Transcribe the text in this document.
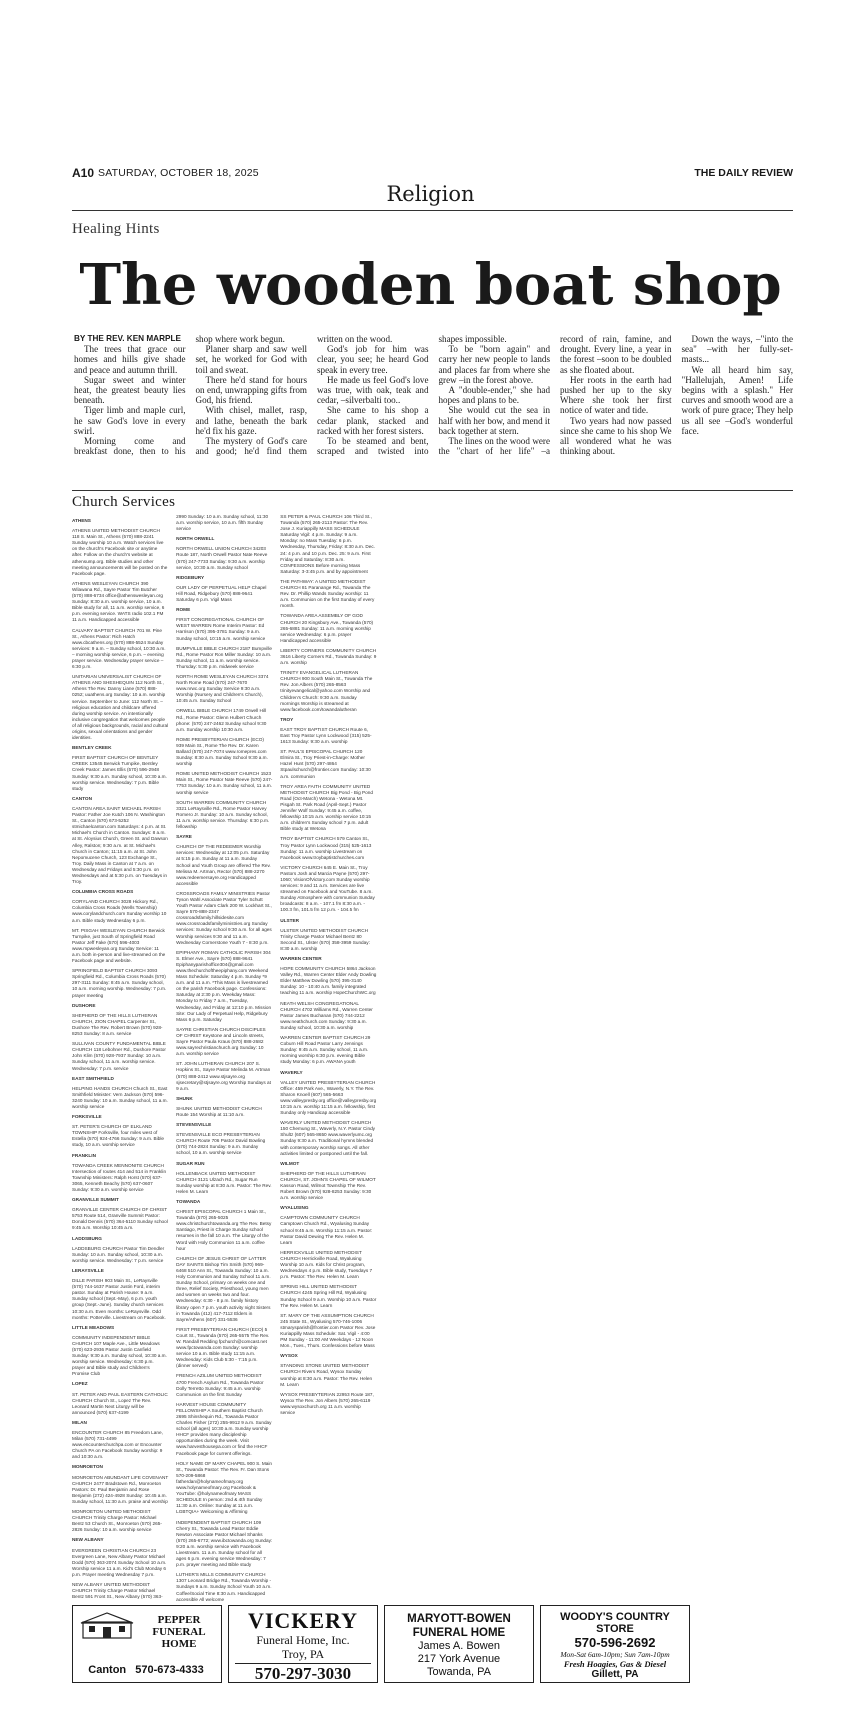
A10 SATURDAY, OCTOBER 18, 2025	THE DAILY REVIEW
Religion
Healing Hints
The wooden boat shop

BY THE REV. KEN MARPLE

The trees that grace our homes and hills give shade and peace and autumn thrill.

Sugar sweet and winter heat, the greatest beauty lies beneath.

Tiger limb and maple curl, he saw God's love in every swirl.

Morning come and breakfast done, then to his shop where work begun.

Planer sharp and saw well set, he worked for God with toil and sweat.

There he'd stand for hours on end, unwrapping gifts from God, his friend.

With chisel, mallet, rasp, and lathe, beneath the bark he'd fix his gaze.

The mystery of God's care and good; he'd find them written on the wood.

God's job for him was clear, you see; he heard God speak in every tree.

He made us feel God's love was true, with oak, teak and cedar, –silverbalti too..

She came to his shop a cedar plank, stacked and racked with her forest sisters.

To be steamed and bent, scraped and twisted into shapes impossible.

To be "born again" and carry her new people to lands and places far from where she grew –in the forest above.

A "double-ender," she had hopes and plans to be.

She would cut the sea in half with her bow, and mend it back together at stern.

The lines on the wood were the "chart of her life" –a record of rain, famine, and drought. Every line, a year in the forest –soon to be doubled as she floated about.

Her roots in the earth had pushed her up to the sky Where she took her first notice of water and tide.

Two years had now passed since she came to his shop We all wondered what he was thinking about.

Down the ways, –"into the sea" –with her fully-set-masts...

We all heard him say, "Hallelujah, Amen! Life begins with a splash." Her curves and smooth wood are a work of pure grace; They help us all see –God's wonderful face.

Church Services

ATHENS

ATHENS UNITED METHODIST CHURCH 118 S. Main St., Athens (570) 888-2241 Sunday worship 10 a.m. Watch services live on the church's Facebook site or anytime after. Follow on the church's website at athensump.org. Bible studies and other meeting announcements will be posted on the Facebook page.

ATHENS WESLEYAN CHURCH 390 Wilawana Rd., Sayre Pastor Tim Butcher (570) 888-6734 office@athenswesleyan.org Sunday: 8:30 a.m. worship service, 10 a.m. Bible study for all, 11 a.m. worship service, 6 p.m. evening service. WATS radio 102.1 FM 11 a.m. Handicapped accessible

CALVARY BAPTIST CHURCH 701 W. Pine St., Athens Pastor: Rich Hatch www.cbcathens.org (570) 888-5524 Sunday services: 9 a.m. – Sunday school, 10:30 a.m. – morning worship service, 6 p.m. – evening prayer service. Wednesday prayer service – 6:30 p.m.

UNITARIAN UNIVERSALIST CHURCH OF ATHENS AND SHESHEQUIN 112 North St., Athens The Rev. Danny Liane (570) 888-0252; uuathens.org Sunday: 10 a.m. worship service. September to June: 112 North St. – religious education and childcare offered during worship service. An intentionally inclusive congregation that welcomes people of all religious backgrounds, racial and cultural origins, sexual orientations and gender identities.

BENTLEY CREEK

FIRST BAPTIST CHURCH OF BENTLEY CREEK 13545 Berwick Turnpike, Bentley Creek Pastor: James Ellis (570) 596-2948 Sunday: 9:30 a.m. Sunday school, 10:30 a.m. worship service. Wednesday: 7 p.m. Bible study

CANTON

CANTON AREA SAINT MICHAEL PARISH Pastor: Father Joe Kutch 106 N. Washington St., Canton (570) 673-5252 stmichaelcanton.com Saturdays: 4 p.m. at St. Michael's Church in Canton. Sundays: 8 a.m. at St. Aloysius Church, Green St. and Dawson Alley, Ralston; 9:30 a.m. at St. Michael's Church in Canton; 11:15 a.m. at St. John Nepomucene Church, 123 Exchange St., Troy. Daily Mass in Canton at 7 a.m. on Wednesday and Fridays and 5:30 p.m. on Wednesdays and at 5:30 p.m. on Tuesdays in Troy.

COLUMBIA CROSS ROADS

CORYLAND CHURCH 3028 Hickory Rd., Columbia Cross Roads (Wells Township) www.corylandchurch.com Sunday worship 10 a.m. Bible study Wednesday 6 p.m.

MT. PISGAH WESLEYAN CHURCH Berwick Turnpike, just South of Springfield Road Pastor Jeff Fake (570) 596-4003 www.mpwesleyan.org Sunday Service: 11 a.m. both in-person and live-streamed on the Facebook page and website.

SPRINGFIELD BAPTIST CHURCH 3093 Springfield Rd., Columbia Cross Roads (570) 297-3111 Sunday: 8:45 a.m. Sunday school, 10 a.m. morning worship. Wednesday: 7 p.m. prayer meeting

DUSHORE

SHEPHERD OF THE HILLS LUTHERAN CHURCH, ZION CHAPEL Carpenter St., Dushore The Rev. Robert Brown (570) 928-8253 Sunday: 8 a.m. service

SULLIVAN COUNTY FUNDAMENTAL BIBLE CHURCH 118 Lebohner Rd., Dushore Pastor John Klim (570) 928-7937 Sunday: 10 a.m. Sunday school, 11 a.m. worship service. Wednesday: 7 p.m. service

EAST SMITHFIELD

HELPING HANDS CHURCH Church St., East Smithfield Minister: Vern Jackson (570) 596-3240 Sunday: 10 a.m. Sunday school, 11 a.m. worship service

FORKSVILLE

ST. PETER'S CHURCH OF ELKLAND TOWNSHIP Forksville, four miles west of Estella (570) 924-4766 Sunday: 9 a.m. Bible study, 10 a.m. worship service

FRANKLIN

TOWANDA CREEK MENNONITE CHURCH Intersection of routes 414 and 514 in Franklin Township Ministers: Ralph Horst (570) 637-3065, Kenneth Beachy (570) 637-0607 Sunday: 9:30 a.m. worship service

GRANVILLE SUMMIT

GRANVILLE CENTER CHURCH OF CHRIST 5753 Route 514, Granville Summit Pastor: Donald Dennis (570) 364-5110 Sunday school 9:45 a.m. Worship 10:45 a.m.

LADDSBURG

LADDSBURG CHURCH Pastor Tim Dendler Sunday: 10 a.m. Sunday school, 10:30 a.m. worship service. Wednesday: 7 p.m. service

LERAYSVILLE

DILLE PARISH 903 Main St., LeRaysville (570) 744-1637 Pastor Justin Ford, interim pastor. Sunday at Parish House: 9 a.m. Sunday school (Sept.-May), 6 p.m. youth group (Sept.-June). Sunday church services 10:30 a.m. Even months: LeRaysville. Odd months: Potterville. Livestream on Facebook.

LITTLE MEADOWS

COMMUNITY INDEPENDENT BIBLE CHURCH 107 Maple Ave., Little Meadows (570) 623-2936 Pastor Justin Canfield Sunday: 9:30 a.m. Sunday school, 10:30 a.m. worship service. Wednesday: 6:30 p.m. prayer and Bible study and Children's Promise Club

LOPEZ

ST. PETER AND PAUL EASTERN CATHOLIC CHURCH Church St., Lopez The Rev. Leonard Martin Next Liturgy will be announced (570) 637-4199

MILAN

ENCOUNTER CHURCH 85 Freedom Lane, Milan (570) 731-4499 www.encounterchurchpa.com or Encounter Church PA on Facebook Sunday worship: 9 and 10:30 a.m.

MONROETON

MONROETON ABUNDANT LIFE COVENANT CHURCH 2477 Bradstown Rd., Monroeton Pastors: Dr. Paul Benjamin and Rose Benjamin (272) 424-4928 Sunday: 10:45 a.m. Sunday school, 11:30 a.m. praise and worship

MONROETON UNITED METHODIST CHURCH Trinity Charge Pastor: Michael Bentz 53 Church St., Monroeton (570) 265-2826 Sunday: 10 a.m. worship service

NEW ALBANY

EVERGREEN CHRISTIAN CHURCH 23 Evergreen Lane, New Albany Pastor Michael Dodd (570) 363-2074 Sunday School 10 a.m. Worship service 11 a.m. Kid's Club Monday 6 p.m. Prayer meeting Wednesday 7 p.m.

NEW ALBANY UNITED METHODIST CHURCH Trinity Charge Pastor Michael Bentz 591 Front St., New Albany (570) 363-2990 Sunday: 10 a.m. Sunday school, 11:30 a.m. worship service, 10 a.m. fifth Sunday service

NORTH ORWELL

NORTH ORWELL UNION CHURCH 34203 Route 187, North Orwell Pastor Nate Reeve (570) 247-7733 Sunday: 9:30 a.m. worship service, 10:30 a.m. Sunday school

RIDGEBURY

OUR LADY OF PERPETUAL HELP Chapel Hill Road, Ridgebury (570) 888-9641 Saturday 6 p.m. Vigil Mass

ROME

FIRST CONGREGATIONAL CHURCH OF WEST WARREN Rome Interim Pastor: Ed Harrison (570) 395-3781 Sunday: 9 a.m. Sunday school, 10:15 a.m. worship service

BUMPVILLE BIBLE CHURCH 2187 Bumpville Rd., Rome Pastor Ron Miller Sunday: 10 a.m. Sunday school, 11 a.m. worship service. Thursday: 5:30 p.m. midweek service

NORTH ROME WESLEYAN CHURCH 3374 North Rome Road (570) 247-7670 www.nrwc.org Sunday Service 9:30 a.m. Worship (Nursery and Children's Church), 10:45 a.m. Sunday School

ORWELL BIBLE CHURCH 1749 Orwell Hill Rd., Rome Pastor: Glenn Hulbert Church phone: (570) 247-2462 Sunday school 9:30 a.m. Sunday worship 10:30 a.m.

ROME PRESBYTERIAN CHURCH (ECO) 939 Main St., Rome The Rev. Dr. Karen Ballard (570) 247-7074 www.romepres.com Sunday: 8:30 a.m. Sunday School 9:30 a.m. worship

ROME UNITED METHODIST CHURCH 1523 Main St., Rome Pastor Nate Reeve (570) 247-7753 Sunday: 10 a.m. Sunday school, 11 a.m. worship service

SOUTH WARREN COMMUNITY CHURCH 3321 LeRaysville Rd., Rome Pastor Harvey Romero Jr. Sunday: 10 a.m. Sunday school, 11 a.m. worship service. Thursday: 6:30 p.m. fellowship

SAYRE

CHURCH OF THE REDEEMER Worship services: Wednesday at 12:05 p.m. Saturday at 5:15 p.m. Sunday at 11 a.m. Sunday School and Youth Group are offered The Rev. Melissa M. Artman, Rector (570) 888-2270 www.redeemersayre.org Handicapped accessible

CROSSROADS FAMILY MINISTRIES Pastor Tyson Wahl Associate Pastor Tyler Schutt Youth Pastor Adam Clark 200 W. Lockhart St., Sayre 570-888-2347 crossroadsfamily.hillsidesite.com www.crossroadsfamilyministries.org Sunday services: Sunday school 9:30 a.m. for all ages Worship services 9:30 and 11 a.m. Wednesday Cornerstone Youth 7 - 8:30 p.m.

EPIPHANY ROMAN CATHOLIC PARISH 304 S. Elmer Ave., Sayre (570) 888-9641 Epiphanyparishoffice304@gmail.com www.thechurchoftheepiphany.com Weekend Mass Schedule: Saturday 4 p.m. Sunday *9 a.m. and 11 a.m. *This Mass is livestreamed on the parish Facebook page. Confessions: Saturday at 2:30 p.m. Weekday Mass: Monday to Friday 7 a.m., Tuesday, Wednesday, and Friday at 12:10 p.m. Mission Site: Our Lady of Perpetual Help, Ridgebury Mass 6 p.m. Saturday

SAYRE CHRISTIAN CHURCH DISCIPLES OF CHRIST Keystone and Lincoln streets, Sayre Pastor Paula Kraus (570) 888-2682 www.sayrechristianchurch.org Sunday: 10 a.m. worship service

ST. JOHN LUTHERAN CHURCH 207 S. Hopkins St., Sayre Pastor Melinda M. Artman (570) 888-2412 www.stjsayre.org sjsecretary@stjsayre.org Worship Sundays at 9 a.m.

SHUNK

SHUNK UNITED METHODIST CHURCH Route 154 Worship at 11:10 a.m.

STEVENSVILLE

STEVENSVILLE ECO PRESBYTERIAN CHURCH Route 706 Pastor David Bowling (570) 744-2824 Sunday: 9 a.m. Sunday school, 10 a.m. worship service

SUGAR RUN

HOLLENBACK UNITED METHODIST CHURCH 3121 Ulzach Rd., Sugar Run Sunday worship at 8:30 a.m. Pastor: The Rev. Helen M. Learn

TOWANDA

CHRIST EPISCOPAL CHURCH 1 Main St., Towanda (570) 265-5025 www.christchurchtowanda.org The Rev. Betsy Santiago, Priest in Charge Sunday school resumes in the fall 10 a.m. The Liturgy of the Word with Holy Communion 11 a.m. coffee hour

CHURCH OF JESUS CHRIST OF LATTER DAY SAINTS Bishop Tim Smith (570) 969-6468 510 Ann St., Towanda Sunday: 10 a.m. Holy Communion and Sunday School 11 a.m. Sunday School, primary on weeks one and three, Relief Society, Priesthood, young men and women on weeks two and four. Wednesday: 6:30 - 8 p.m. family history library open 7 p.m. youth activity night Sisters in Towanda (412) 417-7112 Elders in Sayre/Athens (607) 331-5536

FIRST PRESBYTERIAN CHURCH (ECO) 5 Court St., Towanda (570) 265-5575 The Rev. W. Randall Redding fpchurch@comcast.net www.fpctowanda.com Sunday: worship service 10 a.m. Bible study 11:15 a.m. Wednesday: Kids Club 5:30 - 7:15 p.m. (dinner served)

FRENCH AZILUM UNITED METHODIST 4700 French Asylum Rd., Towanda Pastor Dolly Terretto Sunday: 9:45 a.m. worship Communion on the first Sunday

HARVEST HOUSE COMMUNITY FELLOWSHIP A Southern Baptist Church 2695 Shinshequin Rd., Towanda Pastor Charles Fisher (272) 255-9912 9 a.m. Sunday school (all ages) 10:30 a.m. Sunday worship HHCF provides many discipleship opportunities during the week. Visit www.harvesthousepa.com or find the HHCF Facebook page for current offerings.

HOLY NAME OF MARY CHAPEL 900 S. Main St., Towanda Pastor: The Rev. Fr. Dan Stons 570-209-5868 fatherdan@holynameofmary.org www.holynameofmary.org Facebook & YouTube: @holynameofmary MASS SCHEDULE In person: 2nd & 4th Sunday 11:30 a.m. Online: Sunday at 11 a.m. LGBTQIA+ Welcoming & Affirming

INDEPENDENT BAPTIST CHURCH 109 Cherry St., Towanda Lead Pastor Eddie Newton Associate Pastor Michael Shanks (570) 265-6772; www.ibctowanda.org Sunday: 9:20 a.m. worship service with Facebook Livestream. 11 a.m. Sunday school for all ages 6 p.m. evening service Wednesday: 7 p.m. prayer meeting and Bible study

LUTHER'S MILLS COMMUNITY CHURCH 1307 Leonard Bridge Rd., Towanda Worship - Sundays 9 a.m. Sunday School Youth 10 a.m. Coffee/Social Time 8:30 a.m. Handicapped accessible All welcome

SS PETER & PAUL CHURCH 106 Third St., Towanda (570) 265-2113 Pastor: The Rev. Jose J. Kuriappilly MASS SCHEDULE Saturday Vigil: 4 p.m. Sunday: 9 a.m. Monday: no Mass Tuesday: 6 p.m. Wednesday, Thursday, Friday: 8:30 a.m. Dec. 24: 4 p.m. and 10 p.m. Dec. 25: 9 a.m. First Friday and Saturday: 8:30 a.m. CONFESSIONS Before morning Mass Saturday: 3-3:45 p.m. and by appointment

THE PATHWAY: A UNITED METHODIST CHURCH 81 Paranange Rd., Towanda The Rev. Dr. Phillip Wands Sunday worship: 11 a.m. Communion on the first Sunday of every month.

TOWANDA AREA ASSEMBLY OF GOD CHURCH 20 Kingsbury Ave., Towanda (570) 265-6881 Sunday: 11 a.m. morning worship service Wednesday: 6 p.m. prayer Handicapped accessible

LIBERTY CORNERS COMMUNITY CHURCH 3616 Liberty Corners Rd., Towanda Sunday: 9 a.m. worship

TRINITY EVANGELICAL LUTHERAN CHURCH 900 South Main St., Towanda The Rev. Jon Albers (570) 265-8563 trinityevangelical@yahoo.com Worship and Children's Church: 9:30 a.m. Sunday mornings Worship is streamed at www.facebook.com/towandalutheran

TROY

EAST TROY BAPTIST CHURCH Route 6, East Troy Pastor Lynn Lockwood (315) 525-1613 Sunday: 9:30 a.m. worship

ST. PAUL'S EPISCOPAL CHURCH 120 Elmira St., Troy Priest-in-Charge: Mother Hazel Hunt (570) 297-4864 Stpaulschurch@frontier.com Sunday: 10:30 a.m. communion

TROY AREA FAITH COMMUNITY UNITED METHODIST CHURCH Big Pond - Big Pond Road (Oct-March) Wetona - Wetona Mt. Pisgah St. Park Road (April-Sept.) Pastor Jennifer Wolf Sunday: 9:45 a.m. coffee, fellowship 10:15 a.m. worship service 10:15 a.m. children's Sunday school 7 p.m. adult Bible study at Wetona

TROY BAPTIST CHURCH 579 Canton St., Troy Pastor Lynn Lockwood (315) 525-1613 Sunday: 11 a.m. worship Livestream on Facebook www.troybaptistchurches.com

VICTORY CHURCH 645 E. Main St., Troy Pastors Josh and Marcia Payne (570) 297-1060; VisionOfVictory.com Sunday worship services: 9 and 11 a.m. Services are live streamed on Facebook and YouTube. 8 a.m. Sunday Atmosphere with communion Sunday broadcasts: 8 a.m. - 107.1 fm 8:30 a.m. - 100.3 fm, 101.5 fm 12 p.m. - 104.5 fm

ULSTER

ULSTER UNITED METHODIST CHURCH Trinity Charge Pastor Michael Bentz 80 Second St., Ulster (570) 358-3959 Sunday: 8:30 a.m. worship

WARREN CENTER

HOPE COMMUNITY CHURCH 5864 Jackson Valley Rd., Warren Center Elder Andy Dowling Elder Matthew Dowling (570) 395-3140 Sunday: 10 - 10:40 a.m. family integrated teaching 11 a.m. worship HopeChurchWC.org

NEATH WELSH CONGREGATIONAL CHURCH 4702 Williams Rd., Warren Center Pastor James Buchanan (570) 744-2212 www.neathchurch.com Sunday: 9:30 a.m. Sunday school, 10:30 a.m. worship

WARREN CENTER BAPTIST CHURCH 29 Coburn Hill Road Pastor Larry Jennings Sunday: 9:45 a.m. Sunday school, 11 a.m. morning worship 6:30 p.m. evening Bible study Monday: 6 p.m. AWANA youth

WAVERLY

VALLEY UNITED PRESBYTERIAN CHURCH Office: 459 Park Ave., Waverly, N.Y. The Rev. Sharon Knoell (607) 565-5663 www.valleypresby.org office@valleypresby.org 10:15 a.m. worship 11:15 a.m. fellowship, first Sunday only Handicap accessible

WAVERLY UNITED METHODIST CHURCH 150 Chemung St., Waverly, N.Y. Pastor Cindy Shultz (607) 565-8650 www.waverlyumc.org Sunday 9:30 a.m. Traditional hymns blended with contemporary worship songs. All other activities limited or postponed until the fall.

WILMOT

SHEPHERD OF THE HILLS LUTHERAN CHURCH, ST. JOHN'S CHAPEL OF WILMOT Kasson Road, Wilmot Township The Rev. Robert Brown (570) 928-8253 Sunday: 9:30 a.m. worship service

WYALUSING

CAMPTOWN COMMUNITY CHURCH Camptown Church Rd., Wyalusing Sunday school 9:45 a.m. Worship 11:15 a.m. Pastor: Pastor David Dewing The Rev. Helen M. Learn

HERRICKVILLE UNITED METHODIST CHURCH Herrickville Road, Wyalusing Worship 10 a.m. Kids for Christ program, Wednesdays 4 p.m. Bible study, Tuesdays 7 p.m. Pastor: The Rev. Helen M. Learn

SPRING HILL UNITED METHODIST CHURCH 4245 Spring Hill Rd, Wyalusing Sunday School 9 a.m. Worship 10 a.m. Pastor The Rev. Helen M. Learn

ST. MARY OF THE ASSUMPTION CHURCH 245 State St., Wyalusing 570-746-1006 stmarysparish@frontier.com Pastor Rev. Jose Kuriappilly Mass Schedule: Sat. Vigil - 4:00 PM Sunday - 11:00 AM Weekdays - 12 Noon Mon., Tues., Thurs. Confessions before Mass

WYSOX

STANDING STONE UNITED METHODIST CHURCH Rivers Road, Wysox Sunday worship at 8:30 a.m. Pastor: The Rev. Helen M. Learn

WYSOX PRESBYTERIAN 22953 Route 187, Wysox The Rev. Jon Albers (570) 265-6119 www.wysoxchurch.org 11 a.m. worship service

PEPPER FUNERAL HOME
Canton 570-673-4333
VICKERY
Funeral Home, Inc.
Troy, PA
570-297-3030
MARYOTT-BOWEN FUNERAL HOME
James A. Bowen
217 York Avenue
Towanda, PA
WOODY'S COUNTRY STORE
570-596-2692
Mon-Sat 6am-10pm; Sun 7am-10pm
Fresh Hoagies, Gas & Diesel
Gillett, PA
